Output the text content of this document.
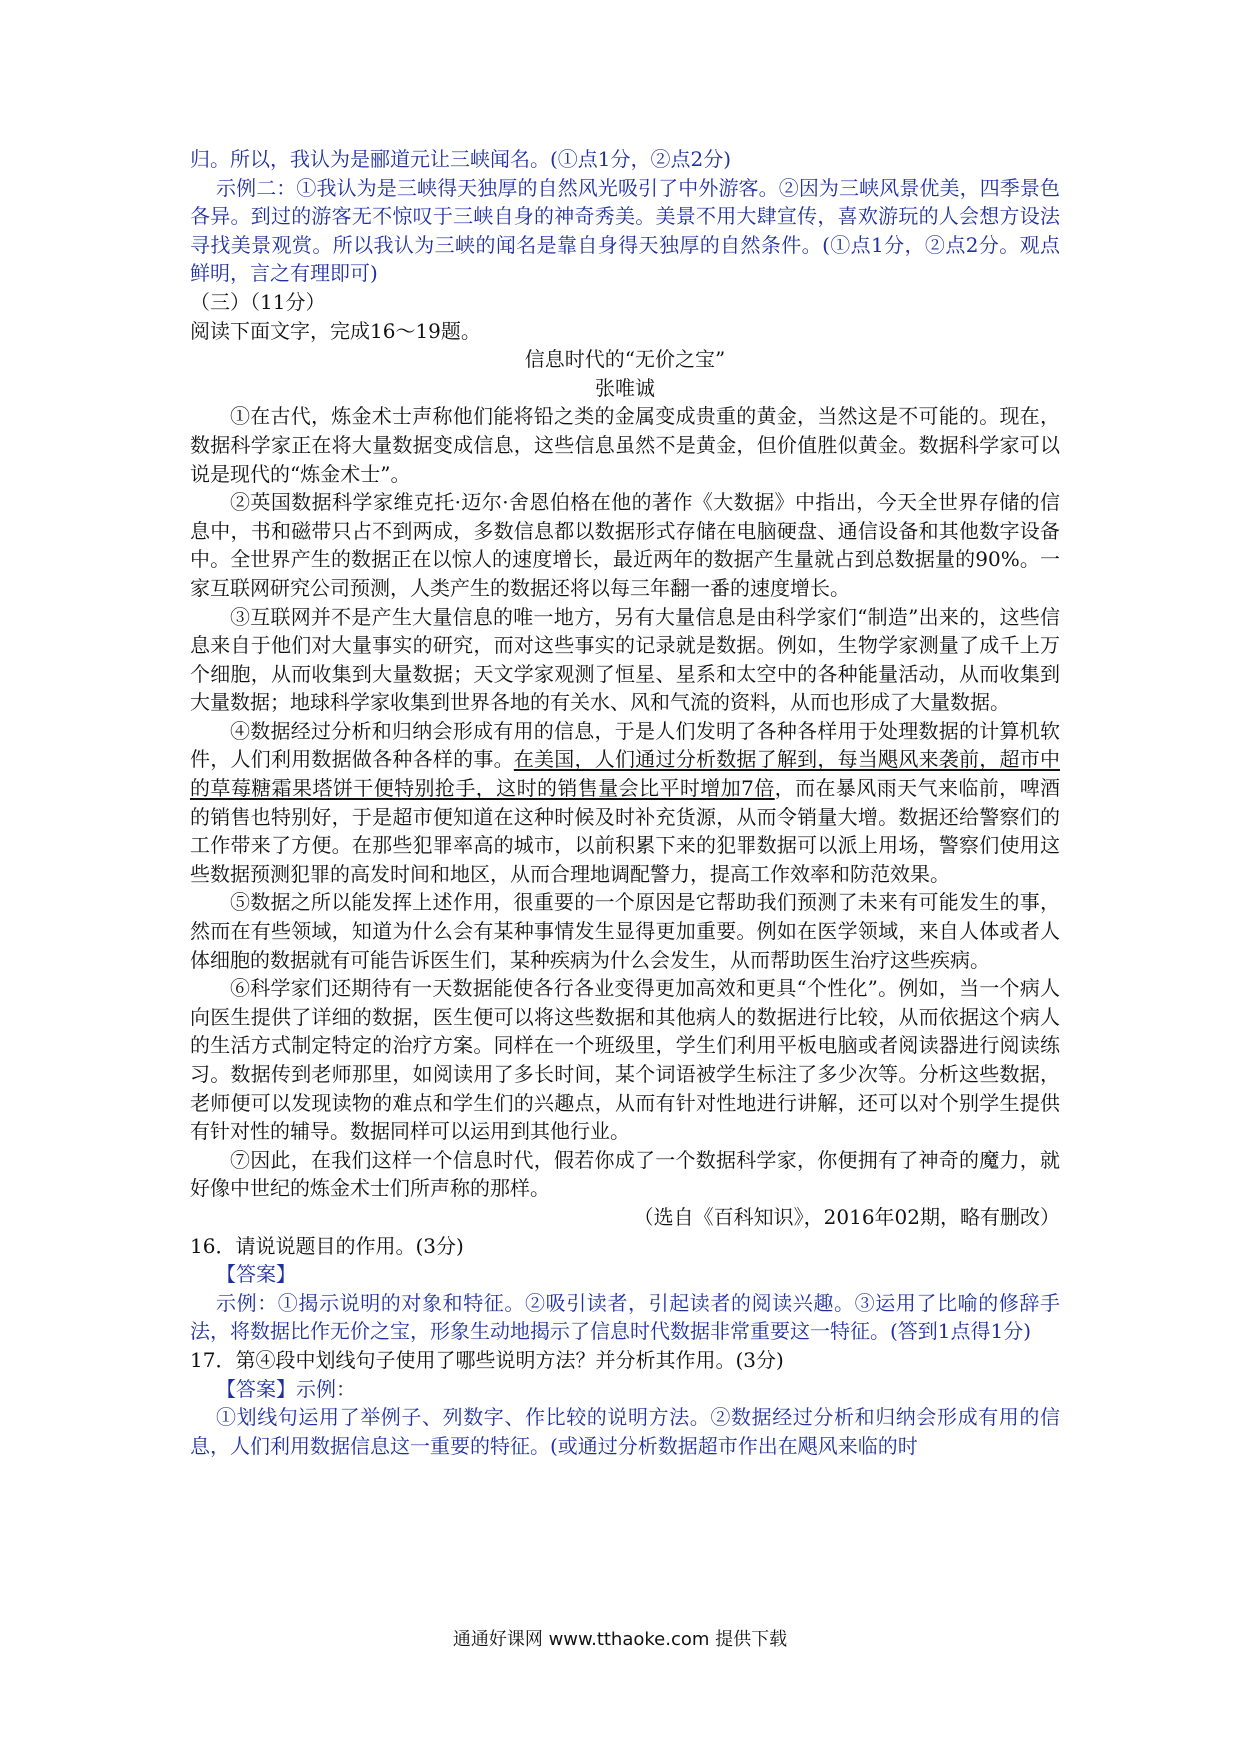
归。所以，我认为是郦道元让三峡闻名。(①点1分，②点2分)

示例二：①我认为是三峡得天独厚的自然风光吸引了中外游客。②因为三峡风景优美，四季景色各异。到过的游客无不惊叹于三峡自身的神奇秀美。美景不用大肆宣传，喜欢游玩的人会想方设法寻找美景观赏。所以我认为三峡的闻名是靠自身得天独厚的自然条件。(①点1分，②点2分。观点鲜明，言之有理即可)

（三）（11分）

阅读下面文字，完成16～19题。

信息时代的“无价之宝”

张唯诚

①在古代，炼金术士声称他们能将铅之类的金属变成贵重的黄金，当然这是不可能的。现在，数据科学家正在将大量数据变成信息，这些信息虽然不是黄金，但价值胜似黄金。数据科学家可以说是现代的“炼金术士”。

②英国数据科学家维克托·迈尔·舍恩伯格在他的著作《大数据》中指出，今天全世界存储的信息中，书和磁带只占不到两成，多数信息都以数据形式存储在电脑硬盘、通信设备和其他数字设备中。全世界产生的数据正在以惊人的速度增长，最近两年的数据产生量就占到总数据量的90%。一家互联网研究公司预测，人类产生的数据还将以每三年翻一番的速度增长。

③互联网并不是产生大量信息的唯一地方，另有大量信息是由科学家们“制造”出来的，这些信息来自于他们对大量事实的研究，而对这些事实的记录就是数据。例如，生物学家测量了成千上万个细胞，从而收集到大量数据；天文学家观测了恒星、星系和太空中的各种能量活动，从而收集到大量数据；地球科学家收集到世界各地的有关水、风和气流的资料，从而也形成了大量数据。

④数据经过分析和归纳会形成有用的信息，于是人们发明了各种各样用于处理数据的计算机软件，人们利用数据做各种各样的事。在美国，人们通过分析数据了解到，每当飓风来袭前，超市中的草莓糖霜果塔饼干便特别抢手，这时的销售量会比平时增加7倍，而在暴风雨天气来临前，啤酒的销售也特别好，于是超市便知道在这种时候及时补充货源，从而令销量大增。数据还给警察们的工作带来了方便。在那些犯罪率高的城市，以前积累下来的犯罪数据可以派上用场，警察们使用这些数据预测犯罪的高发时间和地区，从而合理地调配警力，提高工作效率和防范效果。

⑤数据之所以能发挥上述作用，很重要的一个原因是它帮助我们预测了未来有可能发生的事，然而在有些领域，知道为什么会有某种事情发生显得更加重要。例如在医学领域，来自人体或者人体细胞的数据就有可能告诉医生们，某种疾病为什么会发生，从而帮助医生治疗这些疾病。

⑥科学家们还期待有一天数据能使各行各业变得更加高效和更具“个性化”。例如，当一个病人向医生提供了详细的数据，医生便可以将这些数据和其他病人的数据进行比较，从而依据这个病人的生活方式制定特定的治疗方案。同样在一个班级里，学生们利用平板电脑或者阅读器进行阅读练习。数据传到老师那里，如阅读用了多长时间，某个词语被学生标注了多少次等。分析这些数据，老师便可以发现读物的难点和学生们的兴趣点，从而有针对性地进行讲解，还可以对个别学生提供有针对性的辅导。数据同样可以运用到其他行业。

⑦因此，在我们这样一个信息时代，假若你成了一个数据科学家，你便拥有了神奇的魔力，就好像中世纪的炼金术士们所声称的那样。

（选自《百科知识》，2016年02期，略有删改）

16．请说说题目的作用。(3分)

【答案】

示例：①揭示说明的对象和特征。②吸引读者，引起读者的阅读兴趣。③运用了比喻的修辞手法，将数据比作无价之宝，形象生动地揭示了信息时代数据非常重要这一特征。(答到1点得1分)

17．第④段中划线句子使用了哪些说明方法？并分析其作用。(3分)

【答案】示例：

①划线句运用了举例子、列数字、作比较的说明方法。②数据经过分析和归纳会形成有用的信息，人们利用数据信息这一重要的特征。(或通过分析数据超市作出在飓风来临的时

通通好课网 www.tthaoke.com 提供下载
